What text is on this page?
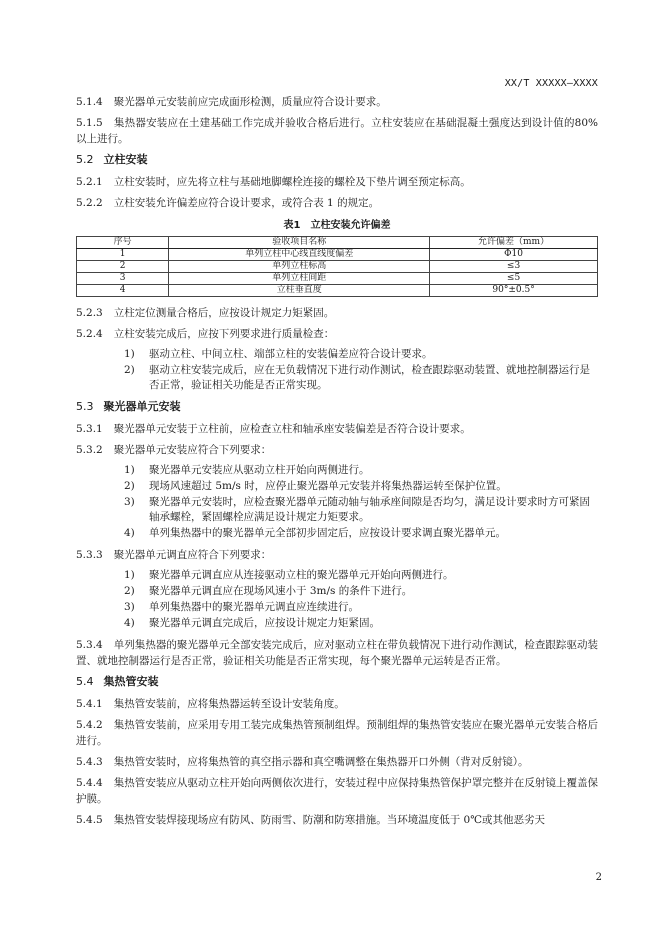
XX/T XXXXX—XXXX

5.1.4 聚光器单元安装前应完成面形检测，质量应符合设计要求。

5.1.5 集热器安装应在土建基础工作完成并验收合格后进行。立柱安装应在基础混凝土强度达到设计值的80%以上进行。

5.2 立柱安装

5.2.1 立柱安装时，应先将立柱与基础地脚螺栓连接的螺栓及下垫片调至预定标高。

5.2.2 立柱安装允许偏差应符合设计要求，或符合表 1 的规定。

表1　立柱安装允许偏差
序号	验收项目名称	允许偏差（mm）
1	单列立柱中心线直线度偏差	Φ10
2	单列立柱标高	≤3
3	单列立柱间距	≤5
4	立柱垂直度	90°±0.5°

5.2.3 立柱定位测量合格后，应按设计规定力矩紧固。

5.2.4 立柱安装完成后，应按下列要求进行质量检查：

1) 驱动立柱、中间立柱、端部立柱的安装偏差应符合设计要求。
2) 驱动立柱安装完成后，应在无负载情况下进行动作测试，检查跟踪驱动装置、就地控制器运行是否正常，验证相关功能是否正常实现。
5.3 聚光器单元安装

5.3.1 聚光器单元安装于立柱前，应检查立柱和轴承座安装偏差是否符合设计要求。

5.3.2 聚光器单元安装应符合下列要求：

1) 聚光器单元安装应从驱动立柱开始向两侧进行。
2) 现场风速超过 5m/s 时，应停止聚光器单元安装并将集热器运转至保护位置。
3) 聚光器单元安装时，应检查聚光器单元随动轴与轴承座间隙是否均匀，满足设计要求时方可紧固轴承螺栓，紧固螺栓应满足设计规定力矩要求。
4) 单列集热器中的聚光器单元全部初步固定后，应按设计要求调直聚光器单元。

5.3.3 聚光器单元调直应符合下列要求：

1) 聚光器单元调直应从连接驱动立柱的聚光器单元开始向两侧进行。
2) 聚光器单元调直应在现场风速小于 3m/s 的条件下进行。
3) 单列集热器中的聚光器单元调直应连续进行。
4) 聚光器单元调直完成后，应按设计规定力矩紧固。

5.3.4 单列集热器的聚光器单元全部安装完成后，应对驱动立柱在带负载情况下进行动作测试，检查跟踪驱动装置、就地控制器运行是否正常，验证相关功能是否正常实现，每个聚光器单元运转是否正常。

5.4 集热管安装

5.4.1 集热管安装前，应将集热器运转至设计安装角度。

5.4.2 集热管安装前，应采用专用工装完成集热管预制组焊。预制组焊的集热管安装应在聚光器单元安装合格后进行。

5.4.3 集热管安装时，应将集热管的真空指示器和真空嘴调整在集热器开口外侧（背对反射镜）。

5.4.4 集热管安装应从驱动立柱开始向两侧依次进行，安装过程中应保持集热管保护罩完整并在反射镜上覆盖保护膜。

5.4.5 集热管安装焊接现场应有防风、防雨雪、防潮和防寒措施。当环境温度低于 0℃或其他恶劣天

2
